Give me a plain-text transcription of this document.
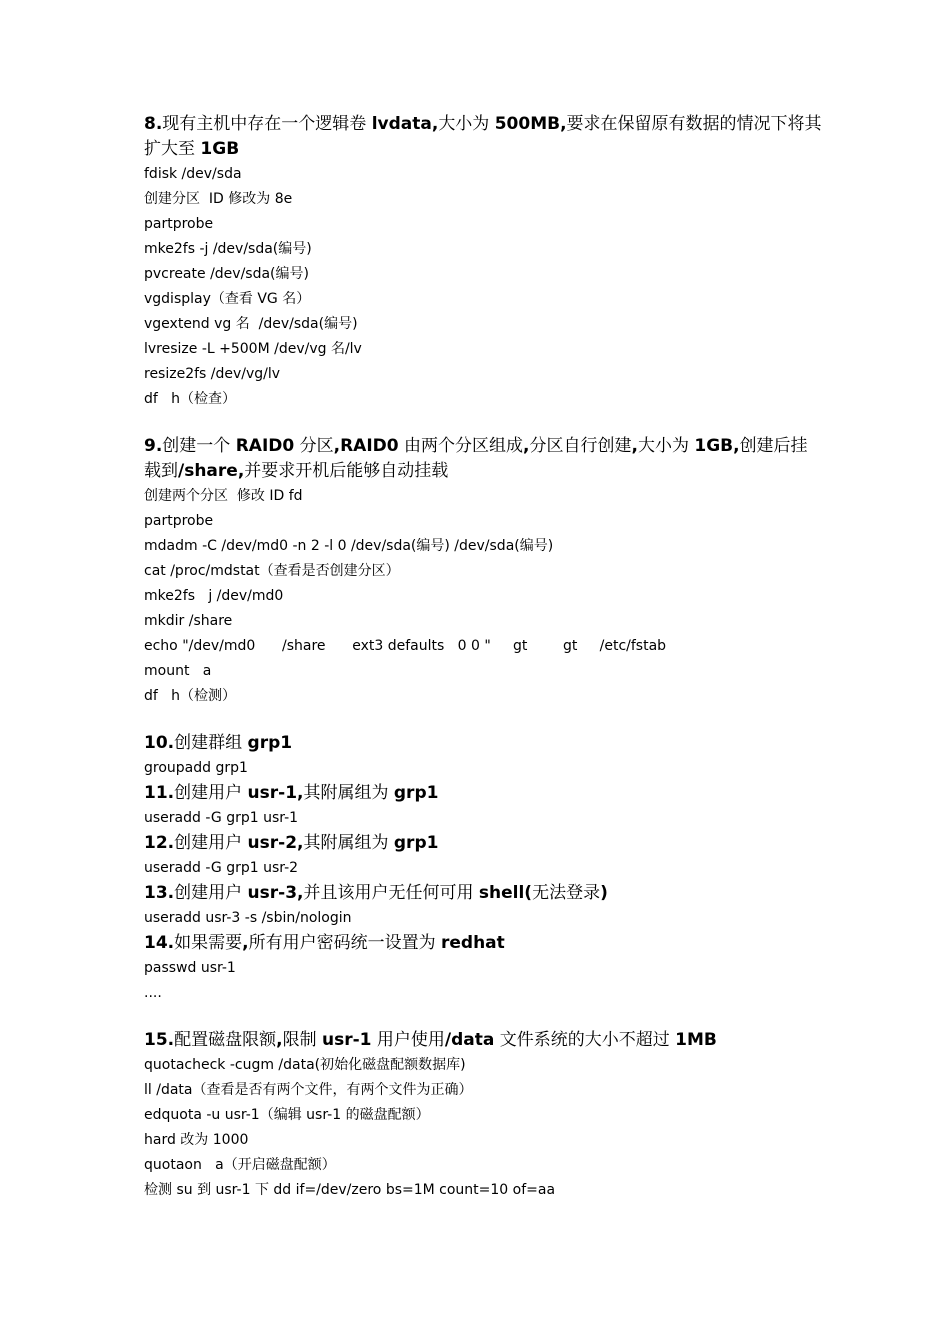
8.现有主机中存在一个逻辑卷 lvdata,大小为 500MB,要求在保留原有数据的情况下将其扩大至 1GB

fdisk /dev/sda

创建分区  ID 修改为 8e

partprobe

mke2fs -j /dev/sda(编号)

pvcreate /dev/sda(编号)

vgdisplay（查看 VG 名）

vgextend vg 名  /dev/sda(编号)

lvresize -L +500M /dev/vg 名/lv

resize2fs /dev/vg/lv

df   h（检查）

9.创建一个 RAID0 分区,RAID0 由两个分区组成,分区自行创建,大小为 1GB,创建后挂载到/share,并要求开机后能够自动挂载

创建两个分区  修改 ID fd

partprobe

mdadm -C /dev/md0 -n 2 -l 0 /dev/sda(编号) /dev/sda(编号)

cat /proc/mdstat（查看是否创建分区）

mke2fs   j /dev/md0

mkdir /share

echo "/dev/md0      /share      ext3 defaults   0 0 "     gt        gt     /etc/fstab

mount   a

df   h（检测）

10.创建群组 grp1

groupadd grp1

11.创建用户 usr-1,其附属组为 grp1

useradd -G grp1 usr-1

12.创建用户 usr-2,其附属组为 grp1

useradd -G grp1 usr-2

13.创建用户 usr-3,并且该用户无任何可用 shell(无法登录)

useradd usr-3 -s /sbin/nologin

14.如果需要,所有用户密码统一设置为 redhat

passwd usr-1

....

15.配置磁盘限额,限制 usr-1 用户使用/data 文件系统的大小不超过 1MB

quotacheck -cugm /data(初始化磁盘配额数据库)

ll /data（查看是否有两个文件，有两个文件为正确）

edquota -u usr-1（编辑 usr-1 的磁盘配额）

hard 改为 1000

quotaon   a（开启磁盘配额）

检测 su 到 usr-1 下 dd if=/dev/zero bs=1M count=10 of=aa
